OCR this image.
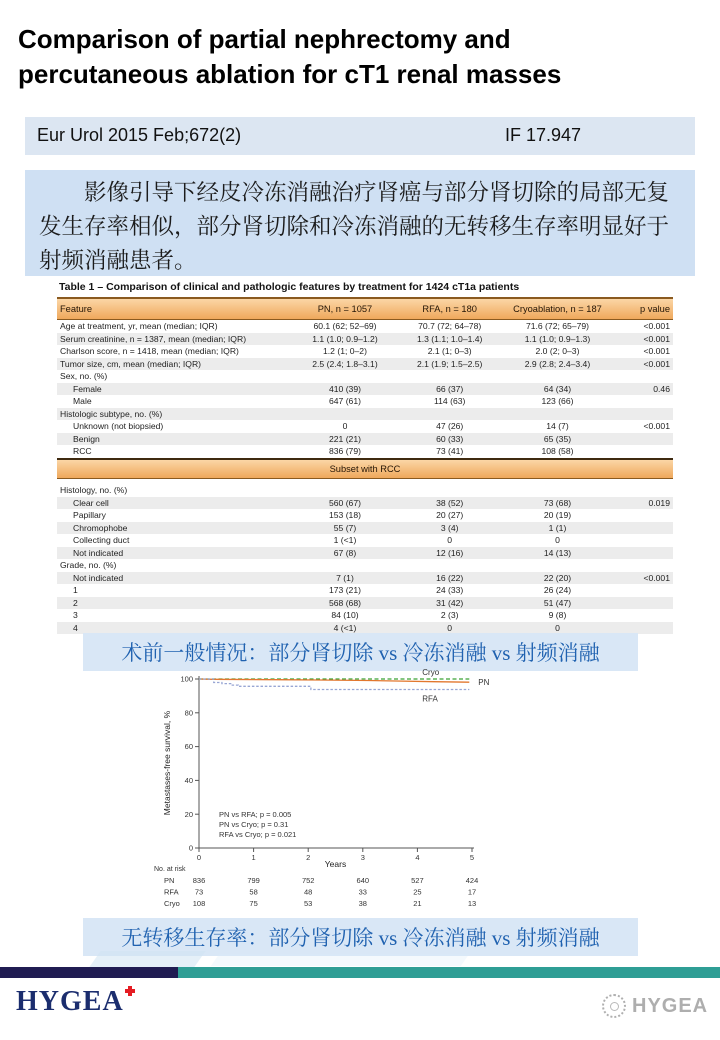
Comparison of partial nephrectomy and
percutaneous ablation for cT1 renal masses
Eur Urol 2015 Feb;672(2)	IF 17.947

影像引导下经皮冷冻消融治疗肾癌与部分肾切除的局部无复发生存率相似，部分肾切除和冷冻消融的无转移生存率明显好于射频消融患者。

Table 1 – Comparison of clinical and pathologic features by treatment for 1424 cT1a patients
Feature	PN, n = 1057	RFA, n = 180	Cryoablation, n = 187	p value
Age at treatment, yr, mean (median; IQR)	60.1 (62; 52–69)	70.7 (72; 64–78)	71.6 (72; 65–79)	<0.001
Serum creatinine, n = 1387, mean (median; IQR)	1.1 (1.0; 0.9–1.2)	1.3 (1.1; 1.0–1.4)	1.1 (1.0; 0.9–1.3)	<0.001
Charlson score, n = 1418, mean (median; IQR)	1.2 (1; 0–2)	2.1 (1; 0–3)	2.0 (2; 0–3)	<0.001
Tumor size, cm, mean (median; IQR)	2.5 (2.4; 1.8–3.1)	2.1 (1.9; 1.5–2.5)	2.9 (2.8; 2.4–3.4)	<0.001
Sex, no. (%)				
Female	410 (39)	66 (37)	64 (34)	0.46
Male	647 (61)	114 (63)	123 (66)	
Histologic subtype, no. (%)				
Unknown (not biopsied)	0	47 (26)	14 (7)	<0.001
Benign	221 (21)	60 (33)	65 (35)	
RCC	836 (79)	73 (41)	108 (58)	
Subset with RCC				

Histology, no. (%)				
Clear cell	560 (67)	38 (52)	73 (68)	0.019
Papillary	153 (18)	20 (27)	20 (19)	
Chromophobe	55 (7)	3 (4)	1 (1)	
Collecting duct	1 (<1)	0	0	
Not indicated	67 (8)	12 (16)	14 (13)	
Grade, no. (%)				
Not indicated	7 (1)	16 (22)	22 (20)	<0.001
1	173 (21)	24 (33)	26 (24)	
2	568 (68)	31 (42)	51 (47)	
3	84 (10)	2 (3)	9 (8)	
4	4 (<1)	0	0	
术前一般情况：部分肾切除 vs 冷冻消融 vs 射频消融
0
20
40
60
80
100
0	1	2	3	4	5
Metastases-free survival, %
Years
Cryo
PN
RFA
PN vs RFA; p = 0.005
PN vs Cryo; p = 0.31
RFA vs Cryo; p = 0.021
No. at risk
PN 836	799	752	640	527	424
RFA 73	58	48	33	25	17
Cryo 108	75	53	38	21	13
无转移生存率：部分肾切除 vs 冷冻消融 vs 射频消融
HYGEA	HYGEA
